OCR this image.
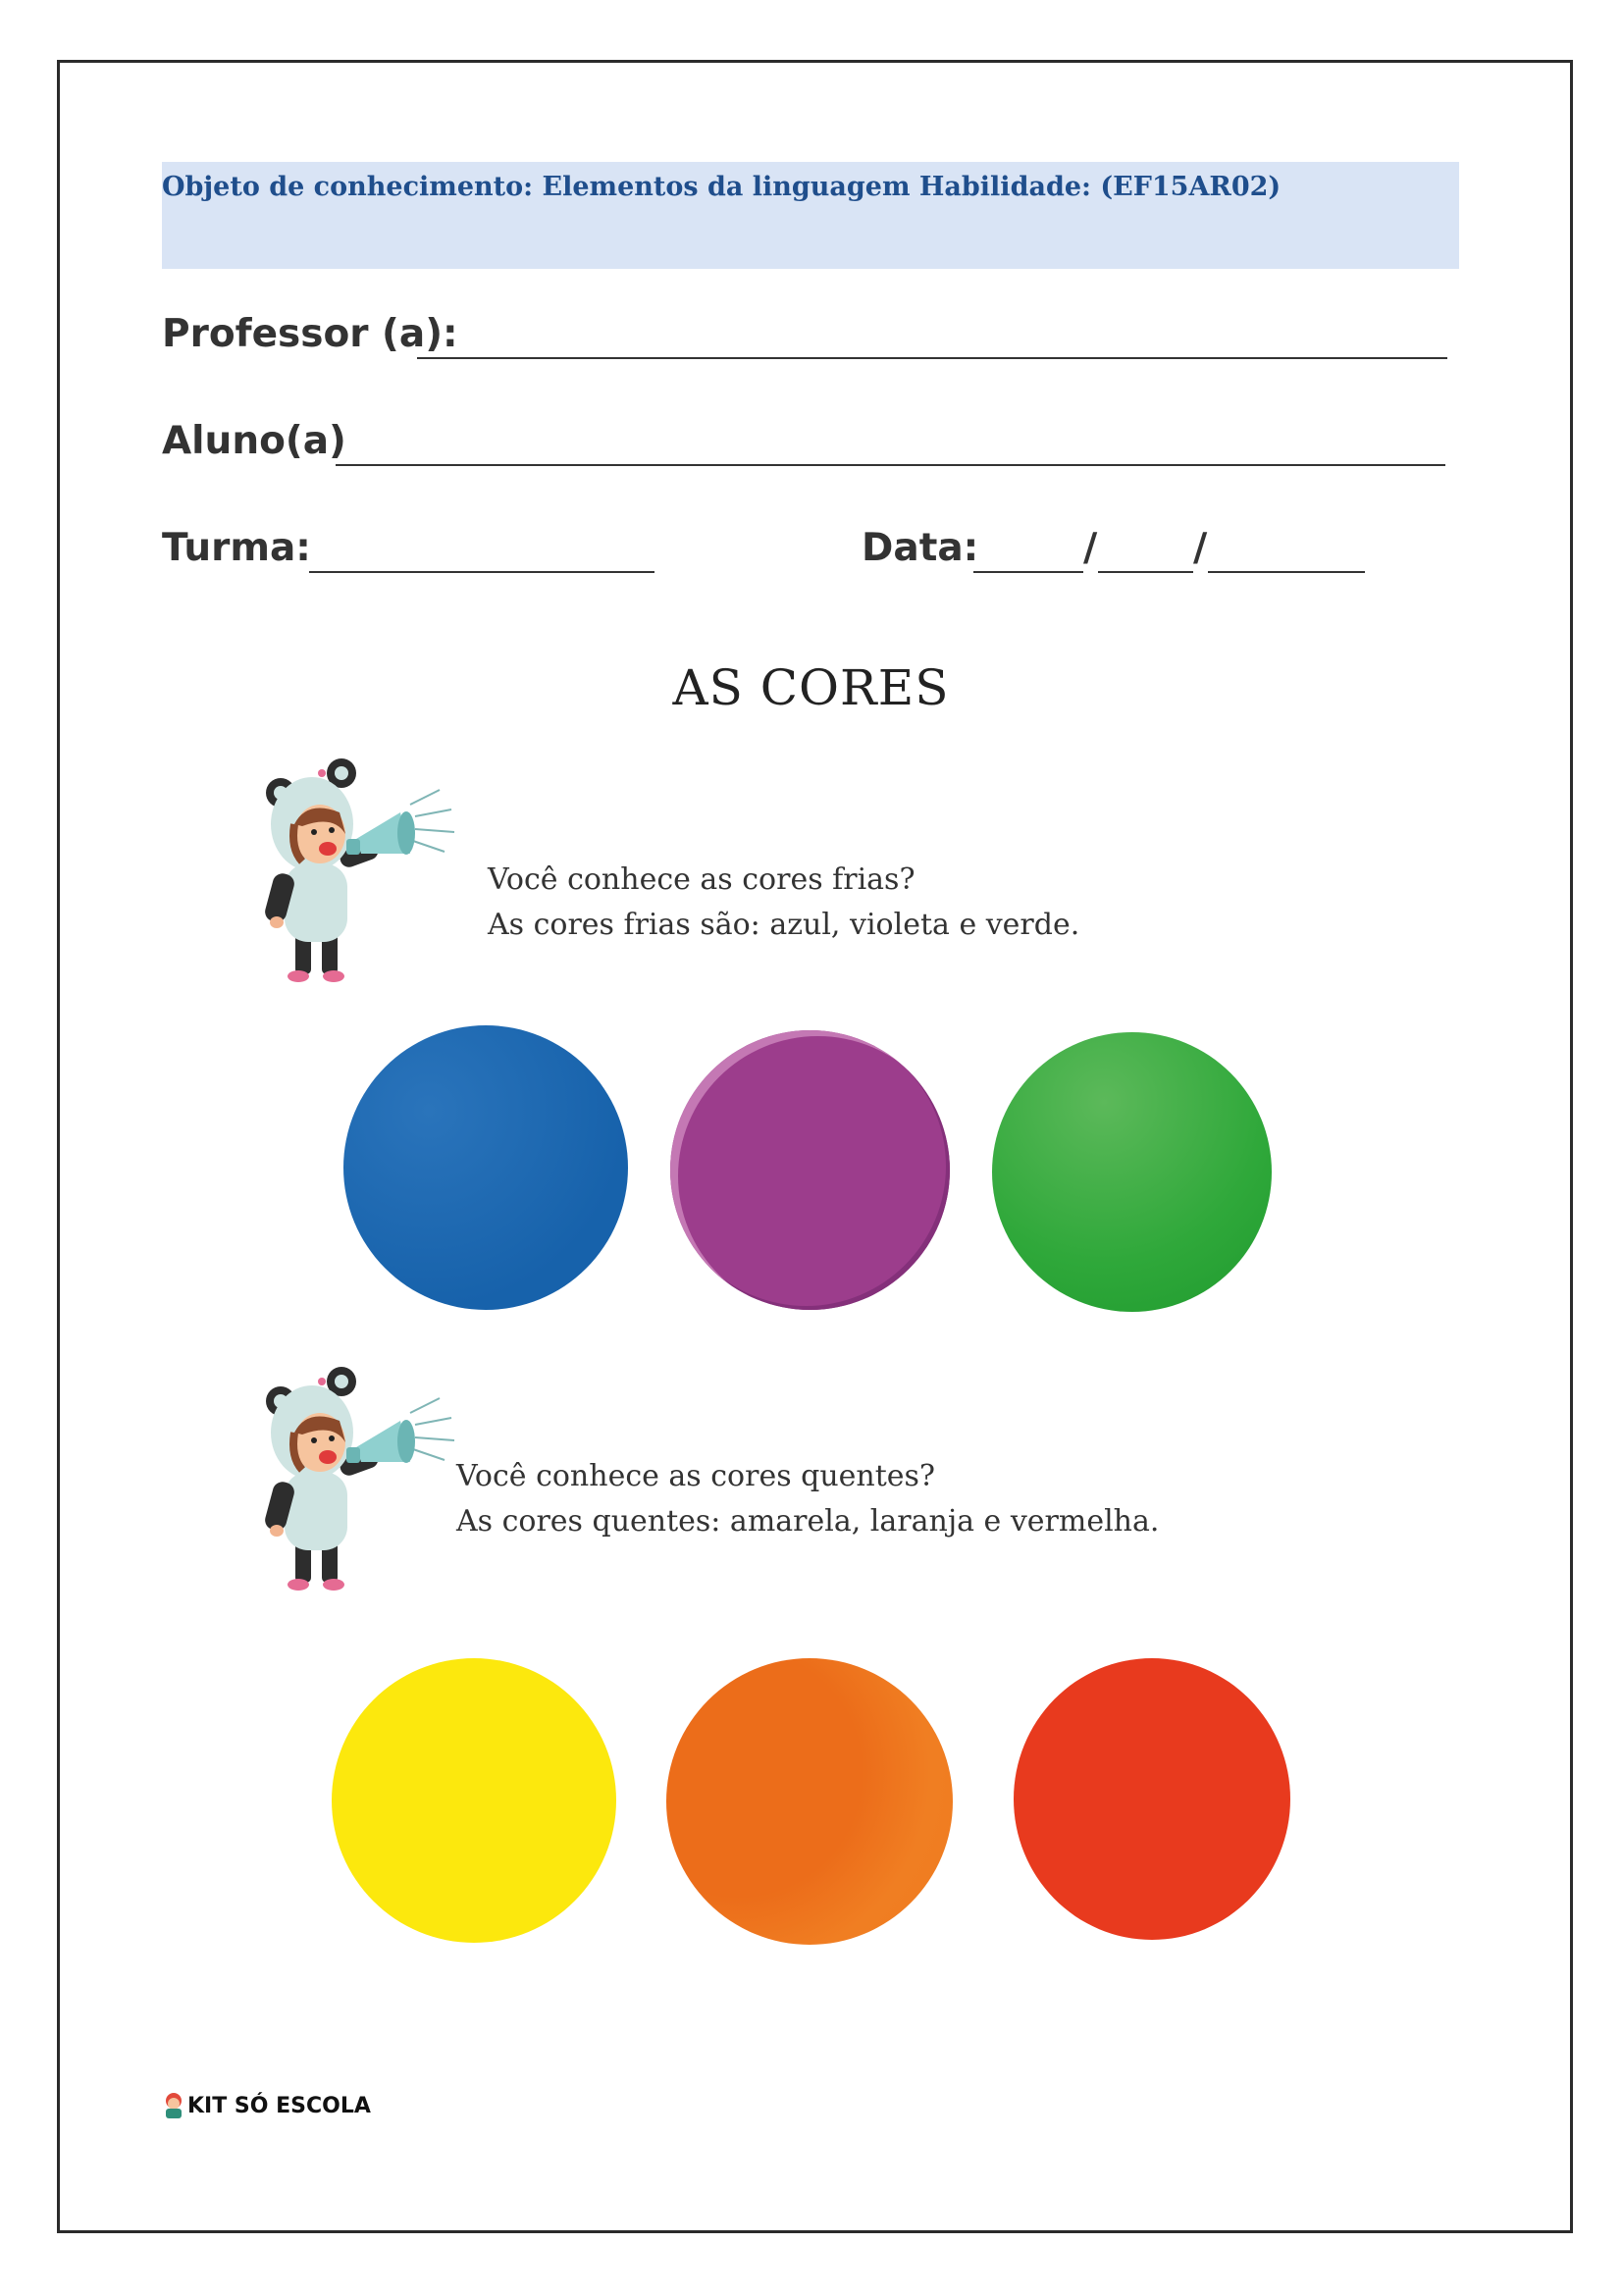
Objeto de conhecimento: Elementos da linguagem Habilidade: (EF15AR02)
Professor (a):
Aluno(a)
Turma:	Data:	/	/
AS CORES
Você conhece as cores frias?
As cores frias são: azul, violeta e verde.
Você conhece as cores quentes?
As cores quentes: amarela, laranja e vermelha.
KIT SÓ ESCOLA
